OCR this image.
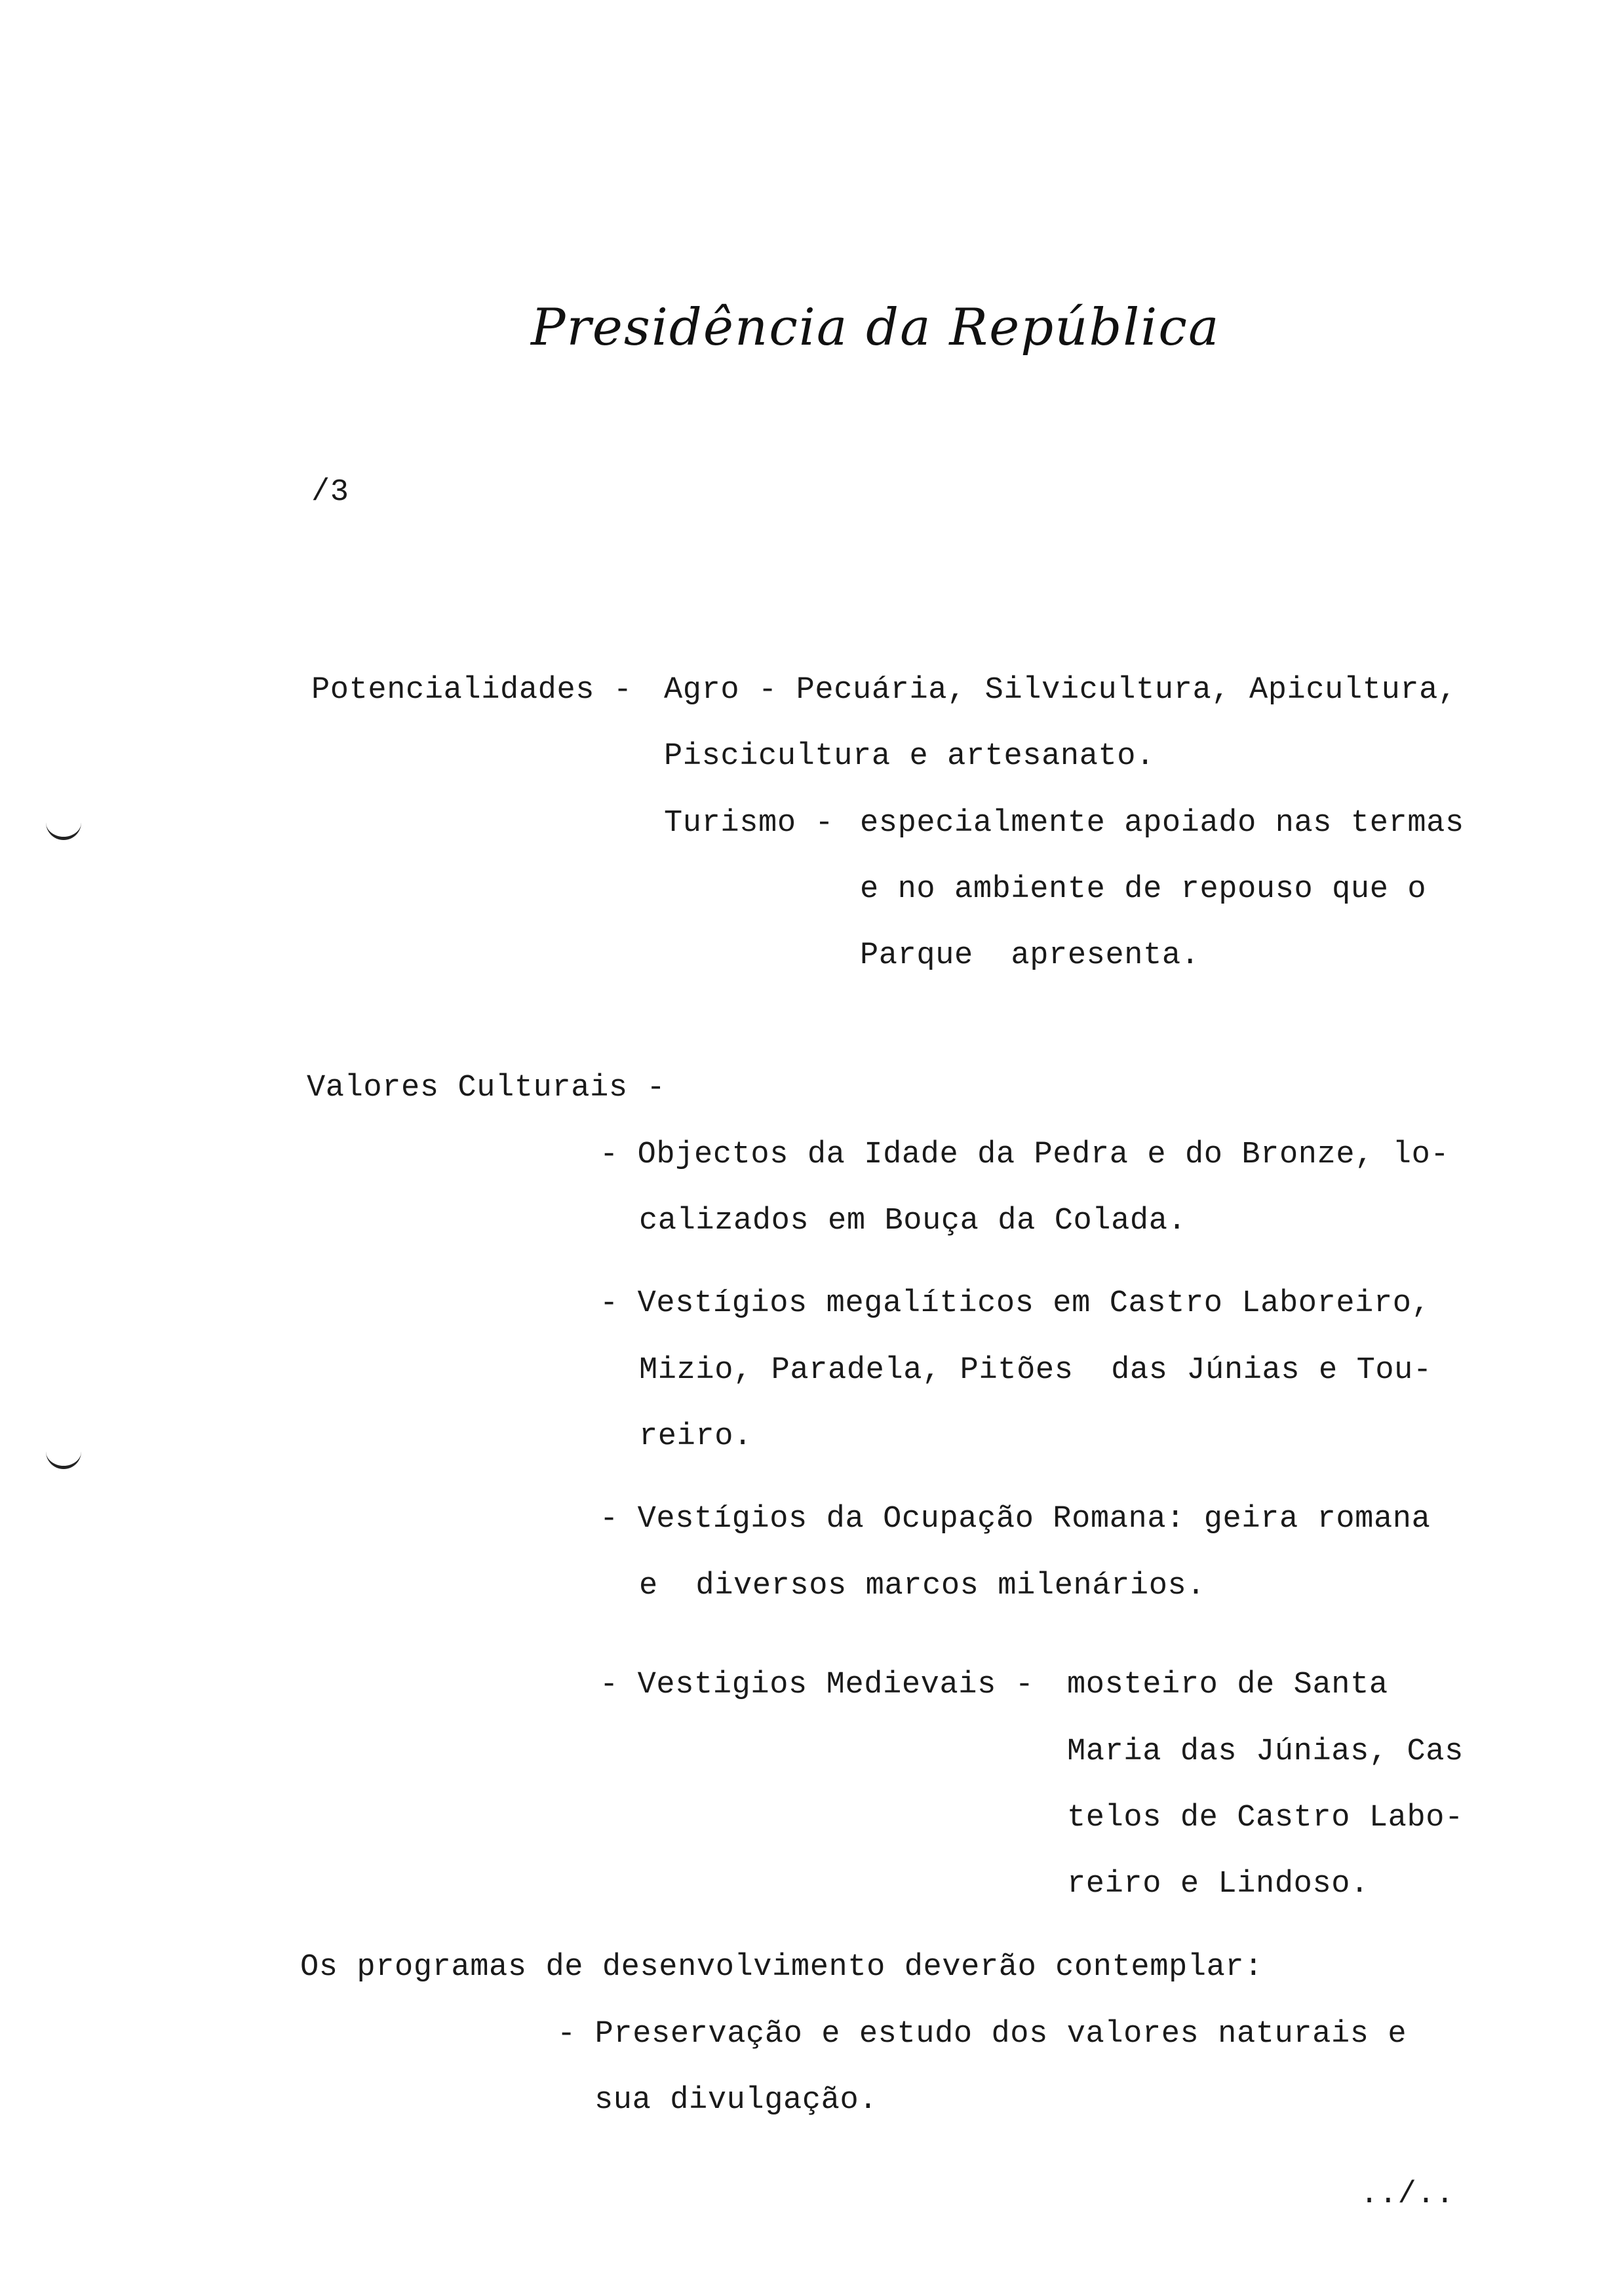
Presidência da República
/3
Potencialidades - Agro - Pecuária, Silvicultura, Apicultura,
Piscicultura e artesanato.
Turismo - especialmente apoiado nas termas
e no ambiente de repouso que o
Parque  apresenta.
Valores Culturais -
- Objectos da Idade da Pedra e do Bronze, lo-
calizados em Bouça da Colada.
- Vestígios megalíticos em Castro Laboreiro,
Mizio, Paradela, Pitões  das Júnias e Tou-
reiro.
- Vestígios da Ocupação Romana: geira romana
e  diversos marcos milenários.
- Vestigios Medievais - mosteiro de Santa
Maria das Júnias, Cas
telos de Castro Labo-
reiro e Lindoso.
Os programas de desenvolvimento deverão contemplar:
- Preservação e estudo dos valores naturais e
sua divulgação.
../..
